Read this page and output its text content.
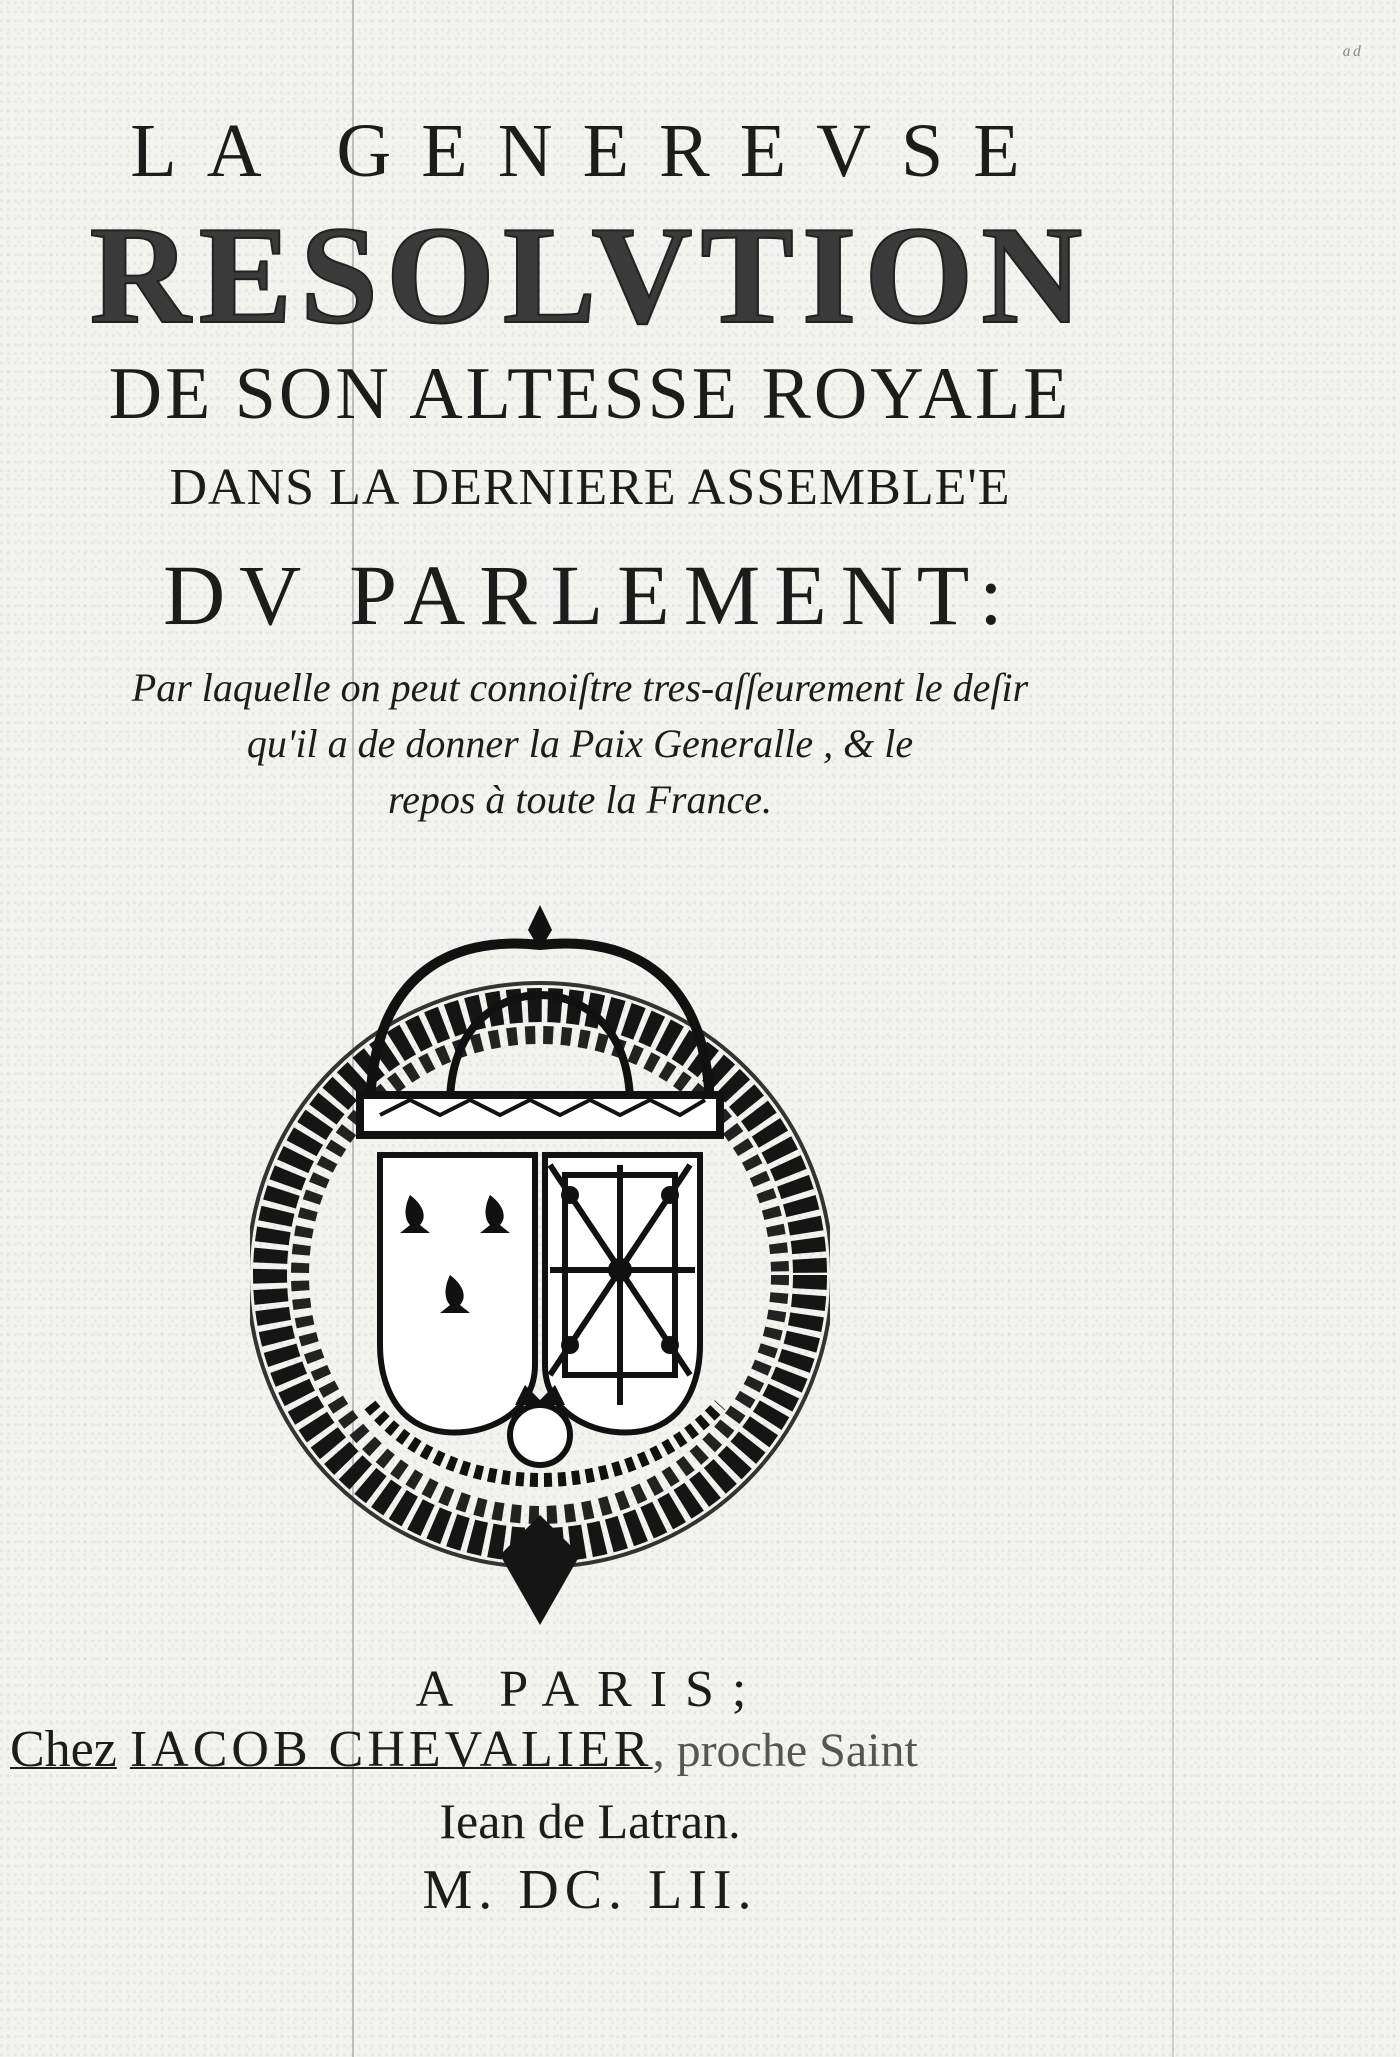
ᵃᵈ
LA GENEREVSE
RESOLVTION
DE SON ALTESSE ROYALE
DANS LA DERNIERE ASSEMBLE'E
DV PARLEMENT:
Par laquelle on peut connoiſtre tres-aſſeurement le deſir
qu'il a de donner la Paix Generalle , & le
repos à toute la France.
A PARIS;
Chez IACOB CHEVALIER, proche Saint
Iean de Latran.
M. DC. LII.
